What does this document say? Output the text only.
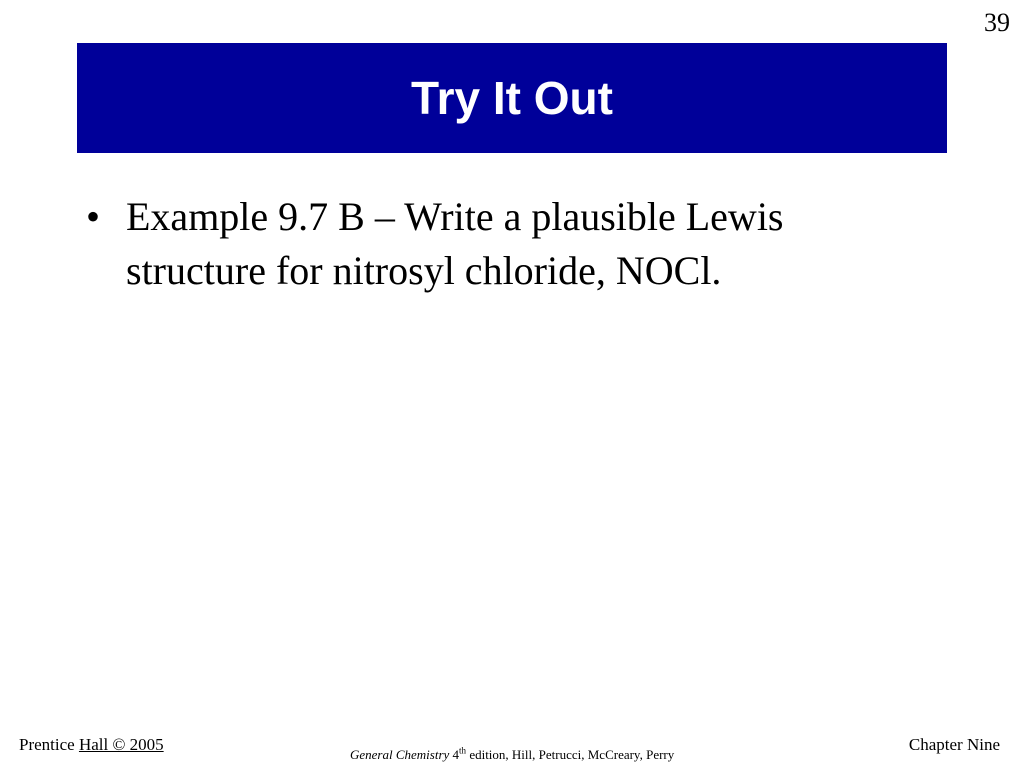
39
Try It Out
• Example 9.7 B – Write a plausible Lewis structure for nitrosyl chloride, NOCl.
Prentice Hall © 2005
General Chemistry 4th edition, Hill, Petrucci, McCreary, Perry
Chapter Nine
